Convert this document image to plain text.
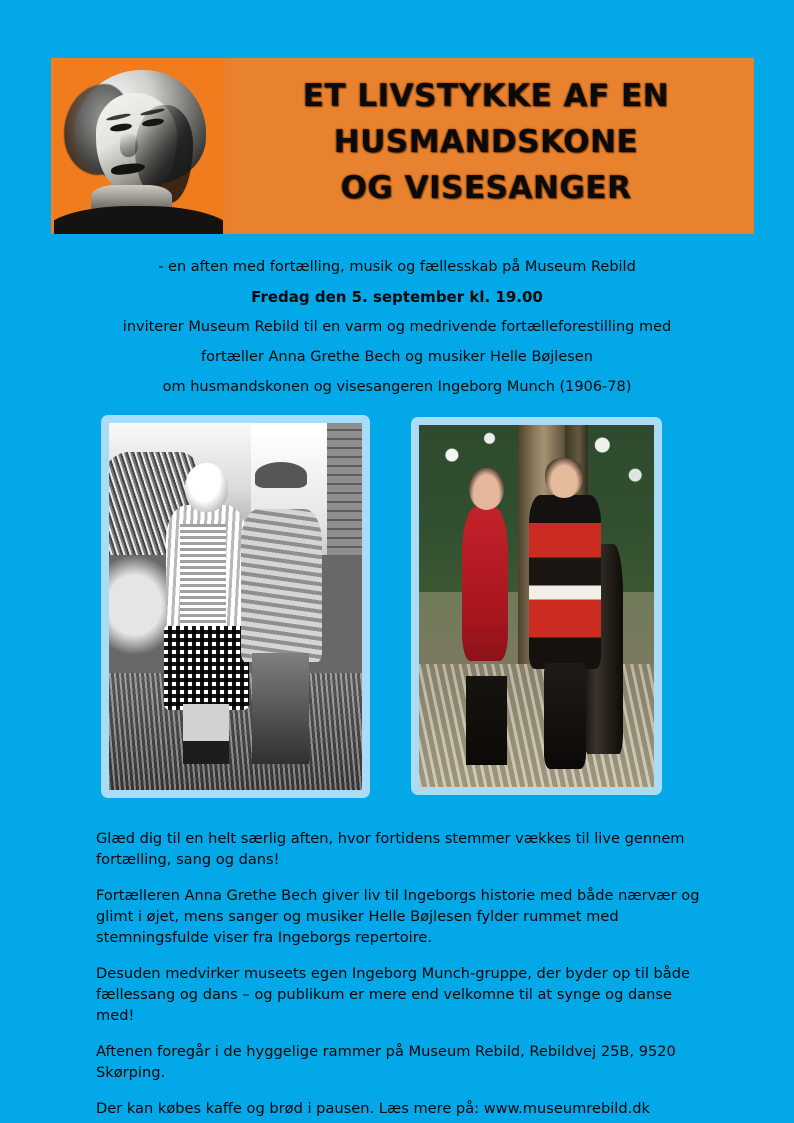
ET LIVSTYKKE AF EN
HUSMANDSKONE
OG VISESANGER

- en aften med fortælling, musik og fællesskab på Museum Rebild

Fredag den 5. september kl. 19.00

inviterer Museum Rebild til en varm og medrivende fortælleforestilling med

fortæller Anna Grethe Bech og musiker Helle Bøjlesen

om husmandskonen og visesangeren Ingeborg Munch (1906-78)

Glæd dig til en helt særlig aften, hvor fortidens stemmer vækkes til live gennem fortælling, sang og dans!

Fortælleren Anna Grethe Bech giver liv til Ingeborgs historie med både nærvær og glimt i øjet, mens sanger og musiker Helle Bøjlesen fylder rummet med stemningsfulde viser fra Ingeborgs repertoire.

Desuden medvirker museets egen Ingeborg Munch-gruppe, der byder op til både fællessang og dans – og publikum er mere end velkomne til at synge og danse med!

Aftenen foregår i de hyggelige rammer på Museum Rebild, Rebildvej 25B, 9520 Skørping.

Der kan købes kaffe og brød i pausen. Læs mere på: www.museumrebild.dk
